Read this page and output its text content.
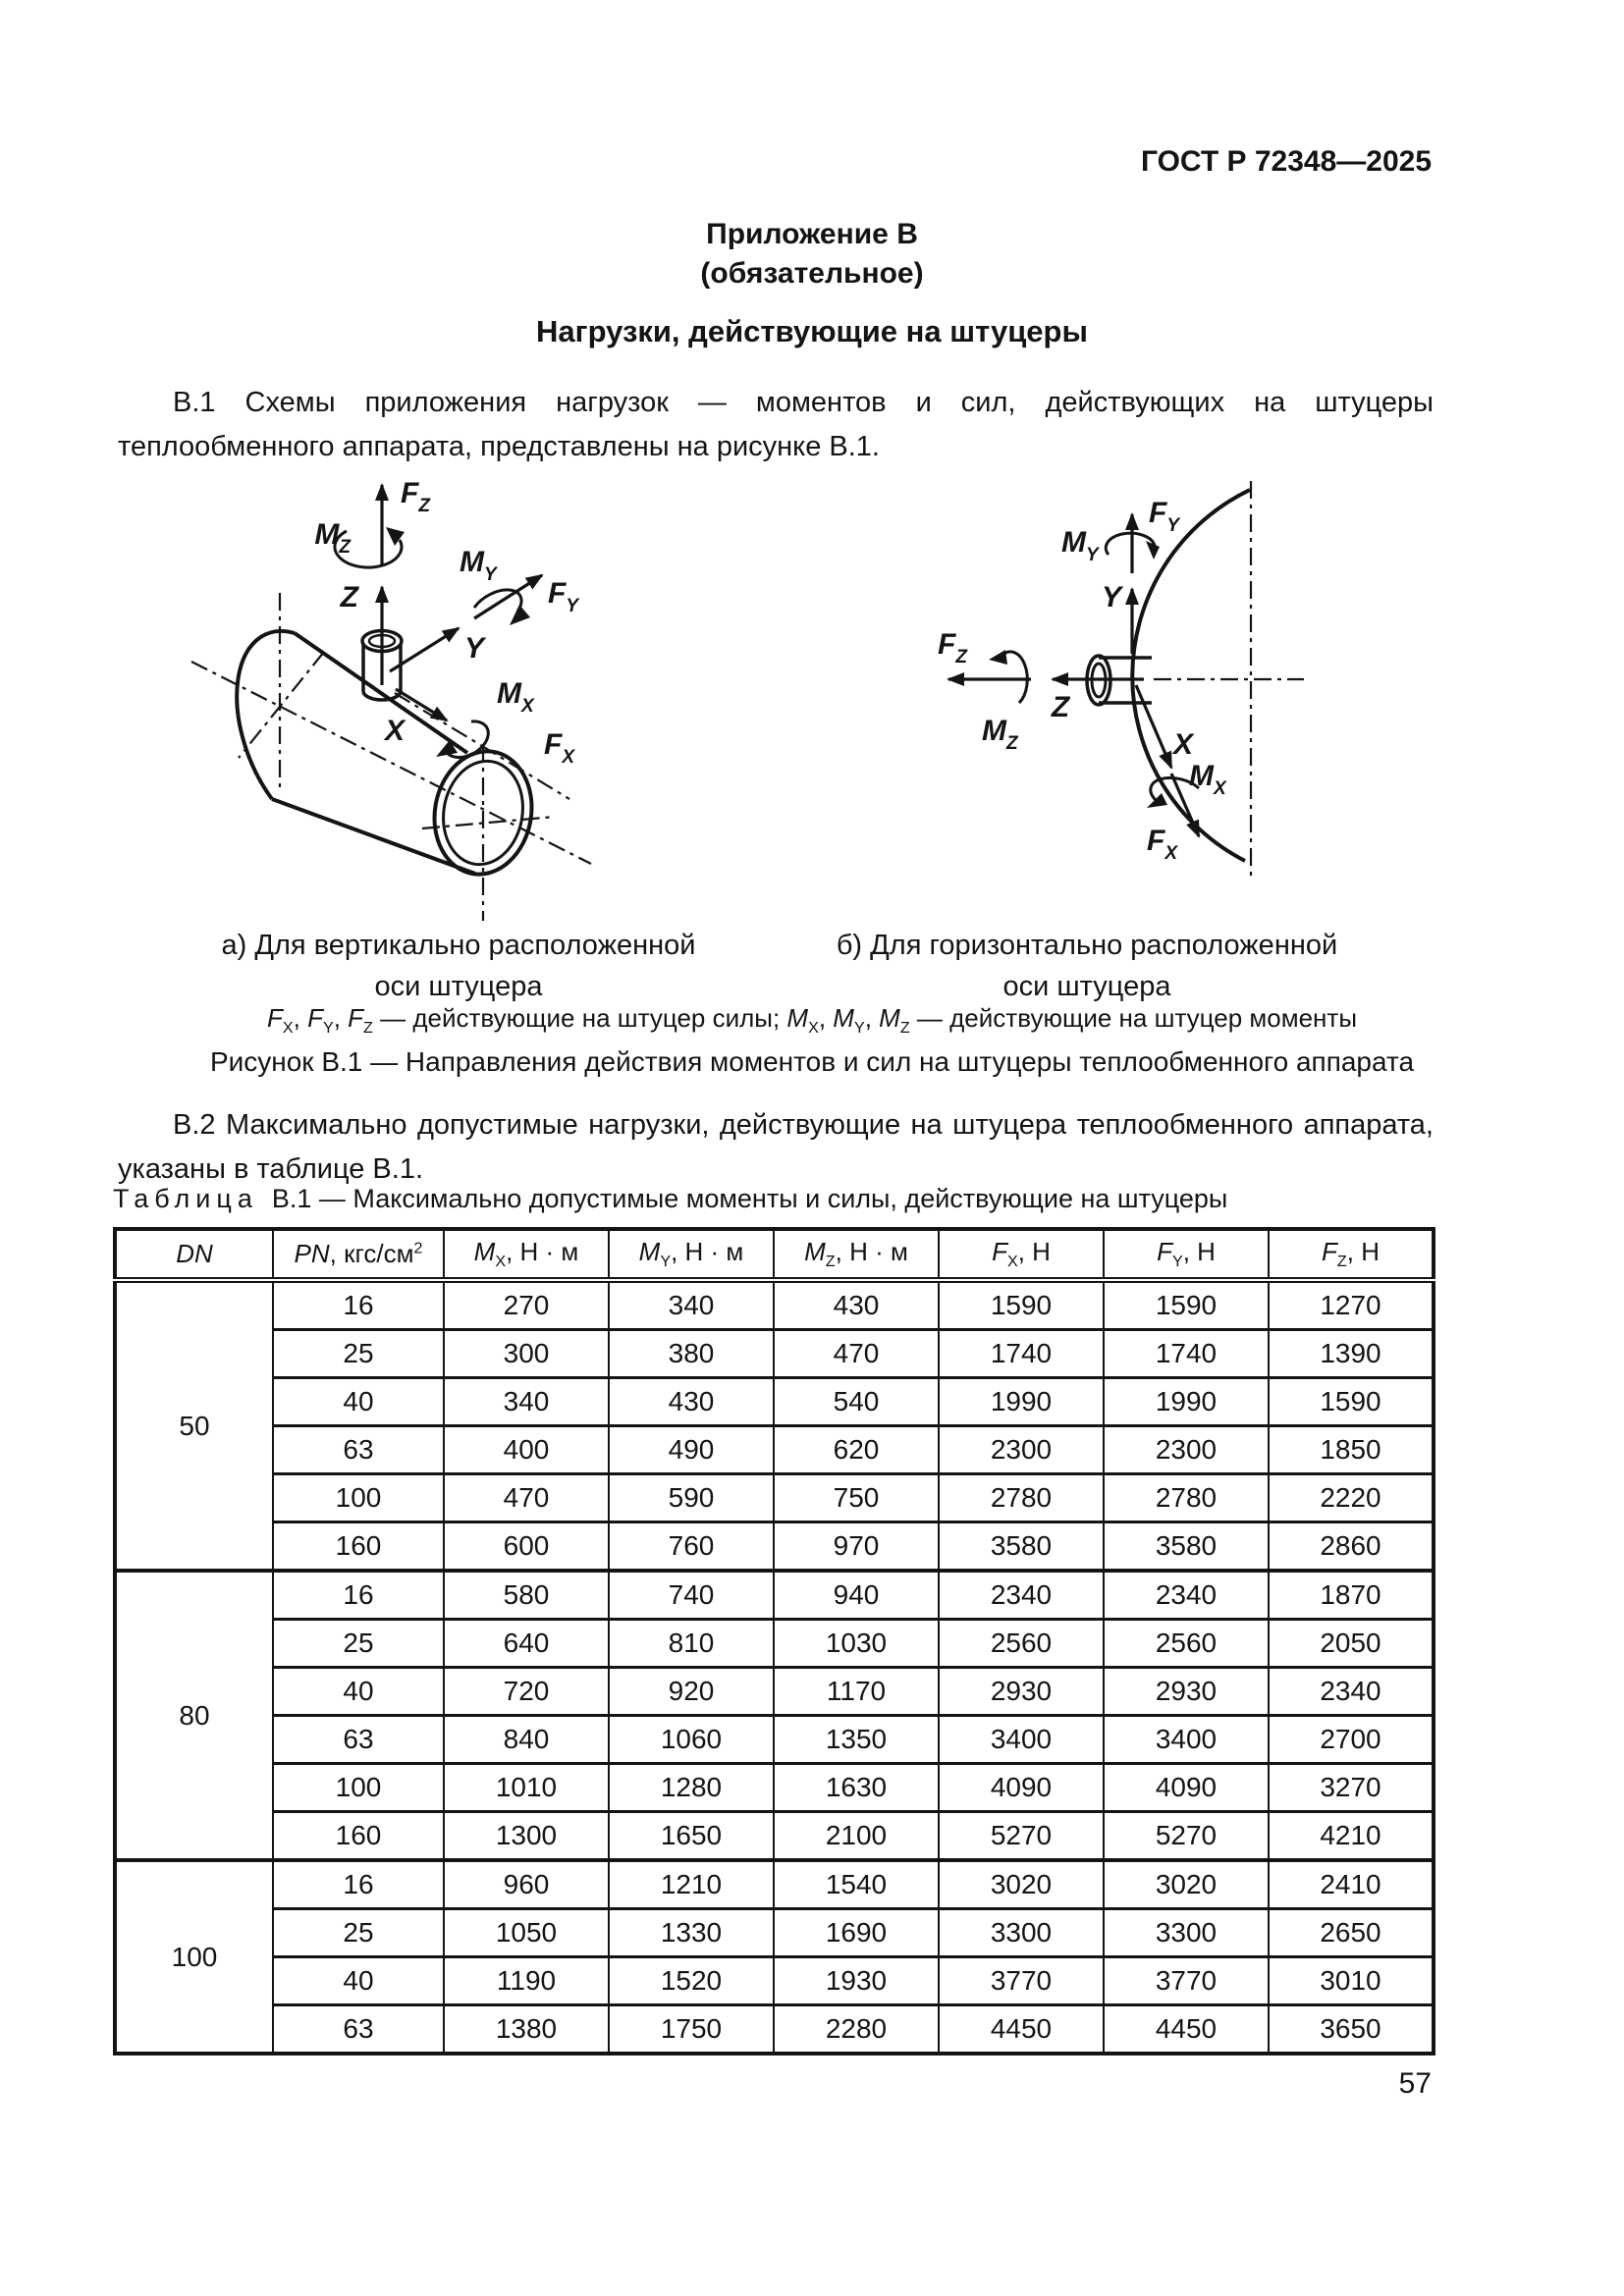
ГОСТ Р 72348—2025
Приложение В
(обязательное)
Нагрузки, действующие на штуцеры

В.1 Схемы приложения нагрузок — моментов и сил, действующих на штуцеры теплообменного аппарата, представлены на рисунке В.1.

$F_Z$
$M_Z$
Z
$M_Y$
$F_Y$
Y
X
$M_X$
$F_X$
$F_Z$
$M_Z$
Z
$M_Y$
$F_Y$
Y
X
$M_X$
$F_X$
а) Для вертикально расположенной оси штуцера
б) Для горизонтально расположенной оси штуцера
$F_X$, $F_Y$, $F_Z$ — действующие на штуцер силы; $M_X$, $M_Y$, $M_Z$ — действующие на штуцер моменты
Рисунок В.1 — Направления действия моментов и сил на штуцеры теплообменного аппарата

В.2 Максимально допустимые нагрузки, действующие на штуцера теплообменного аппарата, указаны в таблице В.1.

Таблица В.1 — Максимально допустимые моменты и силы, действующие на штуцеры
DN	PN, кгс/$см^2$	$M_X$, Н · м	$M_Y$, Н · м	$M_Z$, Н · м	$F_X$, Н	$F_Y$, Н	$F_Z$, Н
50	16	270	340	430	1590	1590	1270
	25	300	380	470	1740	1740	1390
	40	340	430	540	1990	1990	1590
	63	400	490	620	2300	2300	1850
	100	470	590	750	2780	2780	2220
	160	600	760	970	3580	3580	2860
80	16	580	740	940	2340	2340	1870
	25	640	810	1030	2560	2560	2050
	40	720	920	1170	2930	2930	2340
	63	840	1060	1350	3400	3400	2700
	100	1010	1280	1630	4090	4090	3270
	160	1300	1650	2100	5270	5270	4210
100	16	960	1210	1540	3020	3020	2410
	25	1050	1330	1690	3300	3300	2650
	40	1190	1520	1930	3770	3770	3010
	63	1380	1750	2280	4450	4450	3650
57
